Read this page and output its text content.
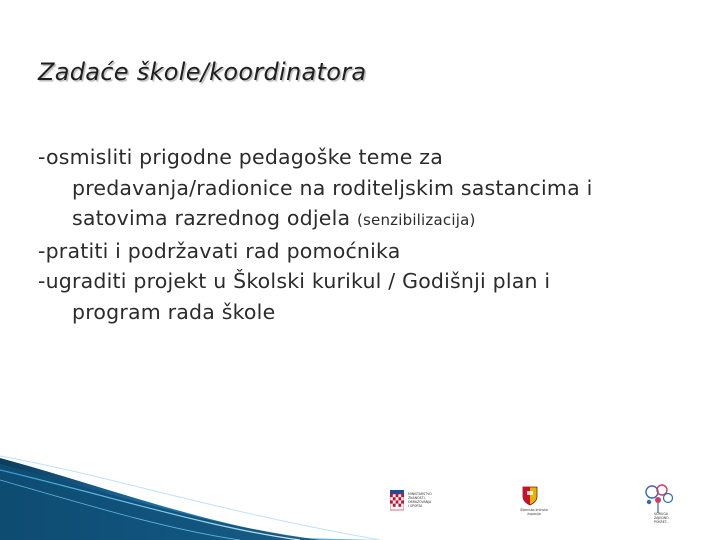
Zadaće škole/koordinatora
-osmisliti prigodne pedagoške teme za
predavanja/radionice na roditeljskim sastancima i
satovima razrednog odjela (senzibilizacija)
-pratiti i podržavati rad pomoćnika
-ugraditi projekt u Školski kurikul / Godišnji plan i
program rada škole
MINISTARSTVO
ZNANOSTI,
OBRAZOVANJA
I SPORTA
Šibensko-kninska
županija	UDRUGA
ZAJEDNO
POKRET...
